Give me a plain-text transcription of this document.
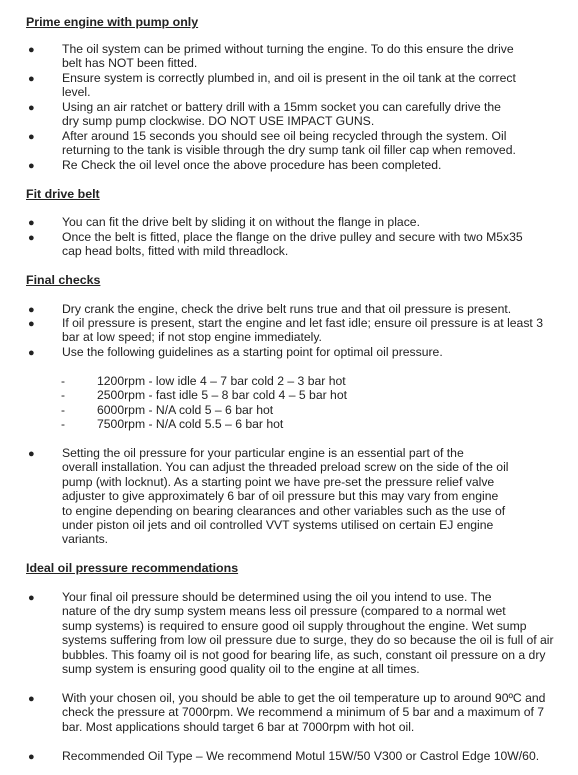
Prime engine with pump only
● The oil system can be primed without turning the engine. To do this ensure the drive
belt has NOT been fitted.
● Ensure system is correctly plumbed in, and oil is present in the oil tank at the correct
level.
● Using an air ratchet or battery drill with a 15mm socket you can carefully drive the
dry sump pump clockwise. DO NOT USE IMPACT GUNS.
● After around 15 seconds you should see oil being recycled through the system. Oil
returning to the tank is visible through the dry sump tank oil filler cap when removed.
● Re Check the oil level once the above procedure has been completed.
Fit drive belt
● You can fit the drive belt by sliding it on without the flange in place.
● Once the belt is fitted, place the flange on the drive pulley and secure with two M5x35
cap head bolts, fitted with mild threadlock.
Final checks
● Dry crank the engine, check the drive belt runs true and that oil pressure is present.
● If oil pressure is present, start the engine and let fast idle; ensure oil pressure is at least 3
bar at low speed; if not stop engine immediately.
● Use the following guidelines as a starting point for optimal oil pressure.
-	1200rpm - low idle 4 – 7 bar cold 2 – 3 bar hot
-	2500rpm - fast idle 5 – 8 bar cold 4 – 5 bar hot
-	6000rpm - N/A cold 5 – 6 bar hot
-	7500rpm - N/A cold 5.5 – 6 bar hot
● Setting the oil pressure for your particular engine is an essential part of the
overall installation. You can adjust the threaded preload screw on the side of the oil
pump (with locknut). As a starting point we have pre-set the pressure relief valve
adjuster to give approximately 6 bar of oil pressure but this may vary from engine
to engine depending on bearing clearances and other variables such as the use of
under piston oil jets and oil controlled VVT systems utilised on certain EJ engine
variants.
Ideal oil pressure recommendations
● Your final oil pressure should be determined using the oil you intend to use. The
nature of the dry sump system means less oil pressure (compared to a normal wet
sump systems) is required to ensure good oil supply throughout the engine. Wet sump
systems suffering from low oil pressure due to surge, they do so because the oil is full of air
bubbles. This foamy oil is not good for bearing life, as such, constant oil pressure on a dry
sump system is ensuring good quality oil to the engine at all times.
● With your chosen oil, you should be able to get the oil temperature up to around 90ºC and
check the pressure at 7000rpm. We recommend a minimum of 5 bar and a maximum of 7
bar. Most applications should target 6 bar at 7000rpm with hot oil.
● Recommended Oil Type – We recommend Motul 15W/50 V300 or Castrol Edge 10W/60.
